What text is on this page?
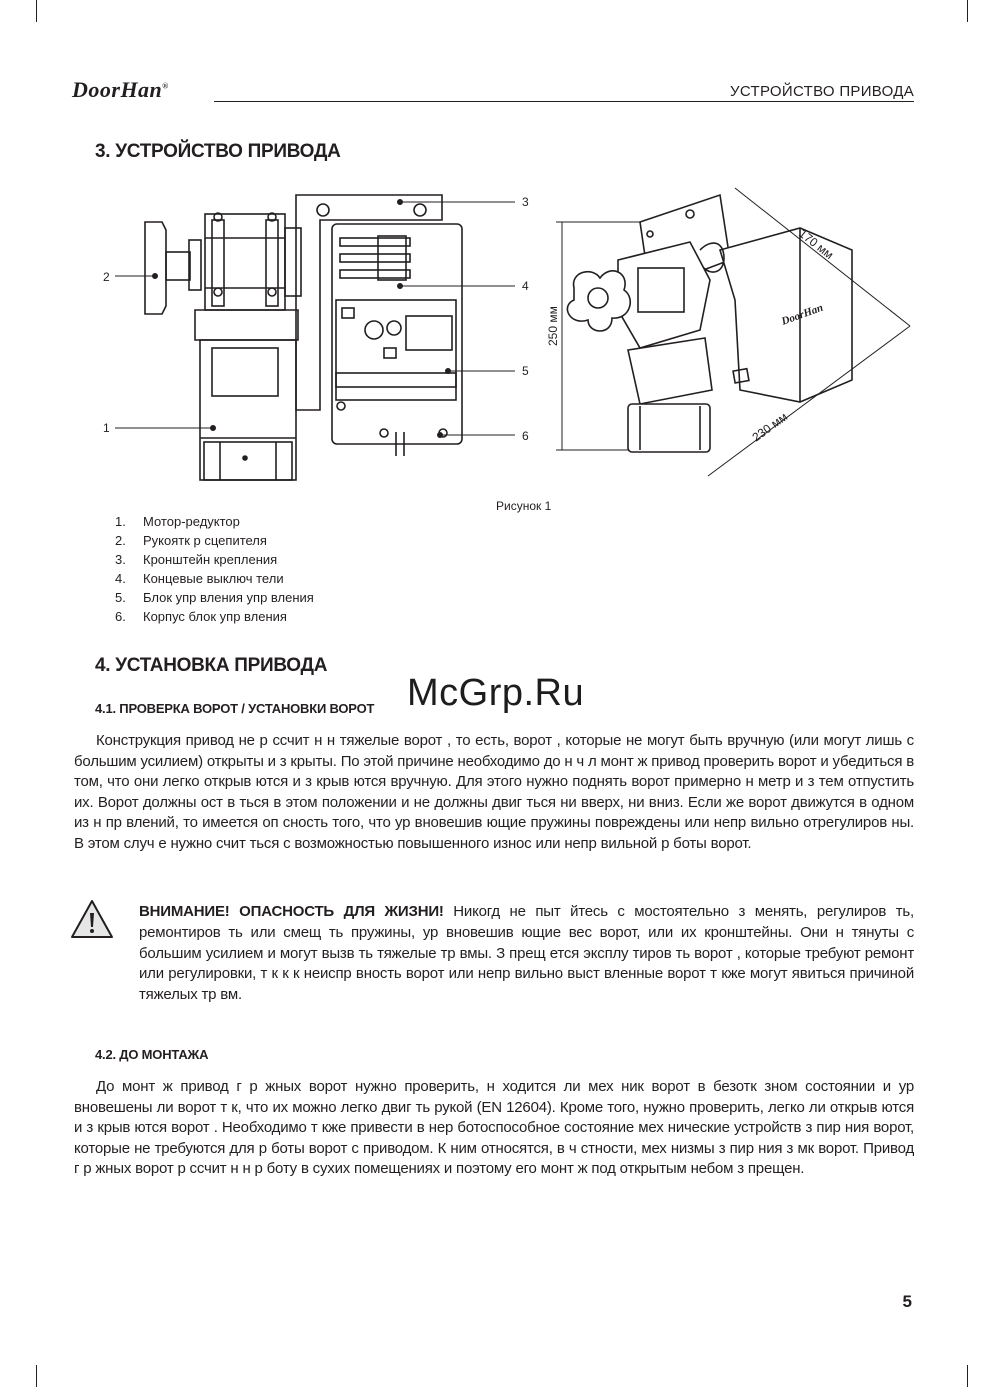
DoorHan®	УСТРОЙСТВО ПРИВОДА
3. УСТРОЙСТВО ПРИВОДА
2
3
4
5
6
1
250 мм
170 мм
230 мм
DoorHan
Рисунок 1
1.	Мотор-редуктор
2.	Рукоятк р сцепителя
3.	Кронштейн крепления
4.	Концевые выключ тели
5.	Блок упр вления упр вления
6.	Корпус блок упр вления
4. УСТАНОВКА ПРИВОДА
4.1. ПРОВЕРКА ВОРОТ / УСТАНОВКИ ВОРОТ McGrp.Ru

Конструкция привод не р ссчит н н тяжелые ворот , то есть, ворот , которые не могут быть вручную (или могут лишь с большим усилием) открыты и з крыты. По этой причине необходимо до н ч л монт ж привод проверить ворот и убедиться в том, что они легко открыв ются и з крыв ются вручную. Для этого нужно поднять ворот примерно н метр и з тем отпустить их. Ворот должны ост в ться в этом положении и не должны двиг ться ни вверх, ни вниз. Если же ворот движутся в одном из н пр влений, то имеется оп сность того, что ур вновешив ющие пружины повреждены или непр вильно отрегулиров ны. В этом случ е нужно счит ться с возможностью повышенного износ или непр вильной р боты ворот.

ВНИМАНИЕ! ОПАСНОСТЬ ДЛЯ ЖИЗНИ! Никогд не пыт йтесь с мостоятельно з менять, регулиров ть, ремонтиров ть или смещ ть пружины, ур вновешив ющие вес ворот, или их кронштейны. Они н тянуты с большим усилием и могут вызв ть тяжелые тр вмы. З прещ ется эксплу тиров ть ворот , которые требуют ремонт или регулировки, т к к к неиспр вность ворот или непр вильно выст вленные ворот т кже могут явиться причиной тяжелых тр вм.

4.2. ДО МОНТАЖА

До монт ж привод г р жных ворот нужно проверить, н ходится ли мех ник ворот в безотк зном состоянии и ур вновешены ли ворот т к, что их можно легко двиг ть рукой (EN 12604). Кроме того, нужно проверить, легко ли открыв ются и з крыв ются ворот . Необходимо т кже привести в нер ботоспособное состояние мех нические устройств з пир ния ворот, которые не требуются для р боты ворот с приводом. К ним относятся, в ч стности, мех низмы з пир ния з мк ворот. Привод г р жных ворот р ссчит н н р боту в сухих помещениях и поэтому его монт ж под открытым небом з прещен.

5
